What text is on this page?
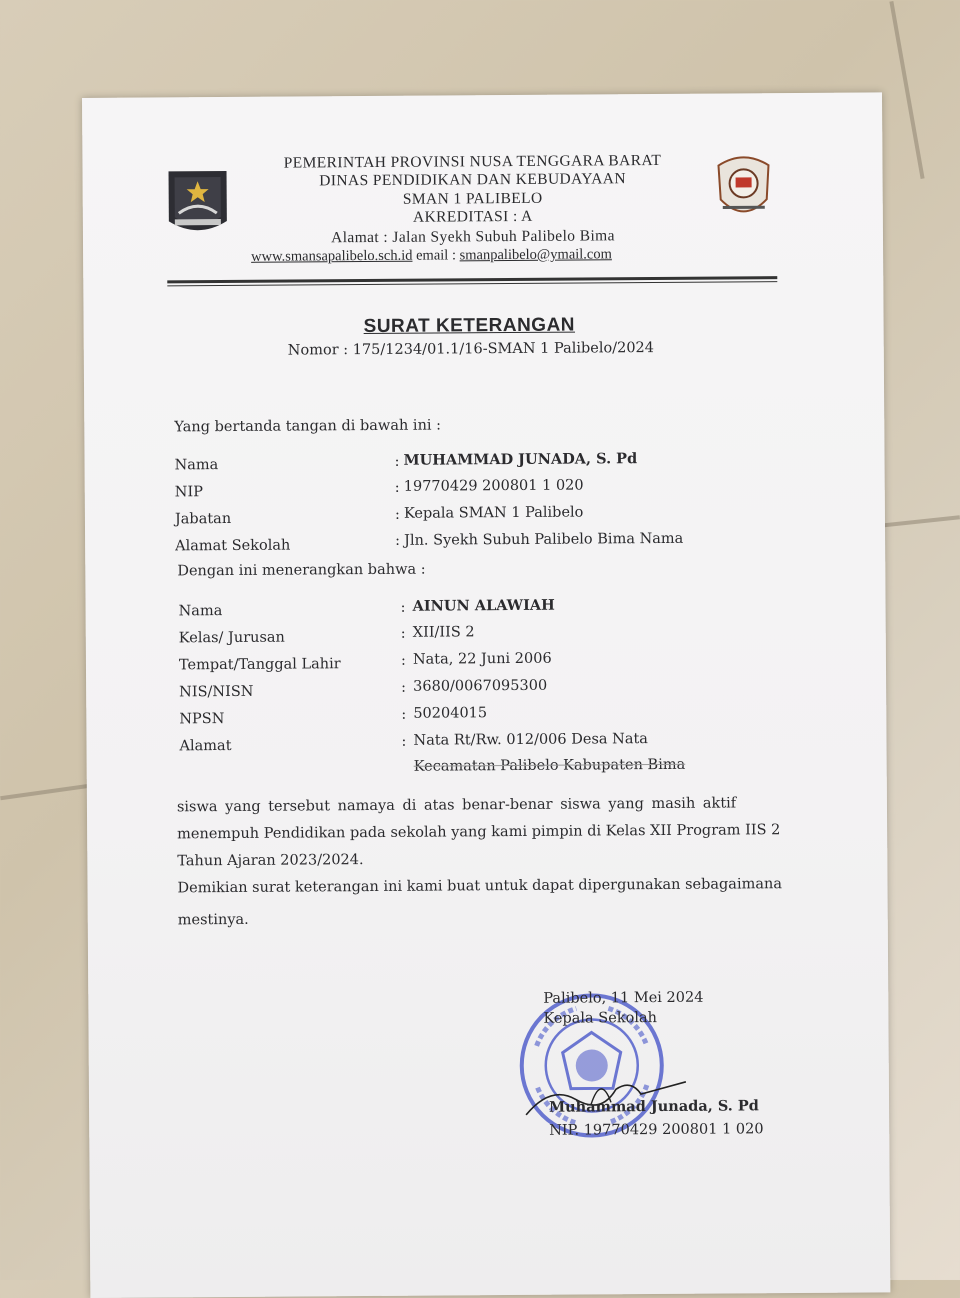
PEMERINTAH PROVINSI NUSA TENGGARA BARAT
DINAS PENDIDIKAN DAN KEBUDAYAAN
SMAN 1 PALIBELO
AKREDITASI : A
Alamat : Jalan Syekh Subuh Palibelo Bima
www.smansapalibelo.sch.id email : smanpalibelo@ymail.com
SURAT KETERANGAN
Nomor : 175/1234/01.1/16-SMAN 1 Palibelo/2024
Yang bertanda tangan di bawah ini :
Nama	: MUHAMMAD JUNADA, S. Pd
NIP	: 19770429 200801 1 020
Jabatan	: Kepala SMAN 1 Palibelo
Alamat Sekolah	: Jln. Syekh Subuh Palibelo Bima Nama
Dengan ini menerangkan bahwa :
Nama	: AINUN ALAWIAH
Kelas/ Jurusan	: XII/IIS 2
Tempat/Tanggal Lahir	: Nata, 22 Juni 2006
NIS/NISN	: 3680/0067095300
NPSN	: 50204015
Alamat	: Nata Rt/Rw. 012/006 Desa Nata
Kecamatan Palibelo Kabupaten Bima
siswa yang tersebut namaya di atas benar-benar siswa yang masih aktif
menempuh Pendidikan pada sekolah yang kami pimpin di Kelas XII Program IIS 2
Tahun Ajaran 2023/2024.
Demikian surat keterangan ini kami buat untuk dapat dipergunakan sebagaimana
mestinya.
Palibelo, 11 Mei 2024
Kepala Sekolah
Muhammad Junada, S. Pd
NIP. 19770429 200801 1 020
